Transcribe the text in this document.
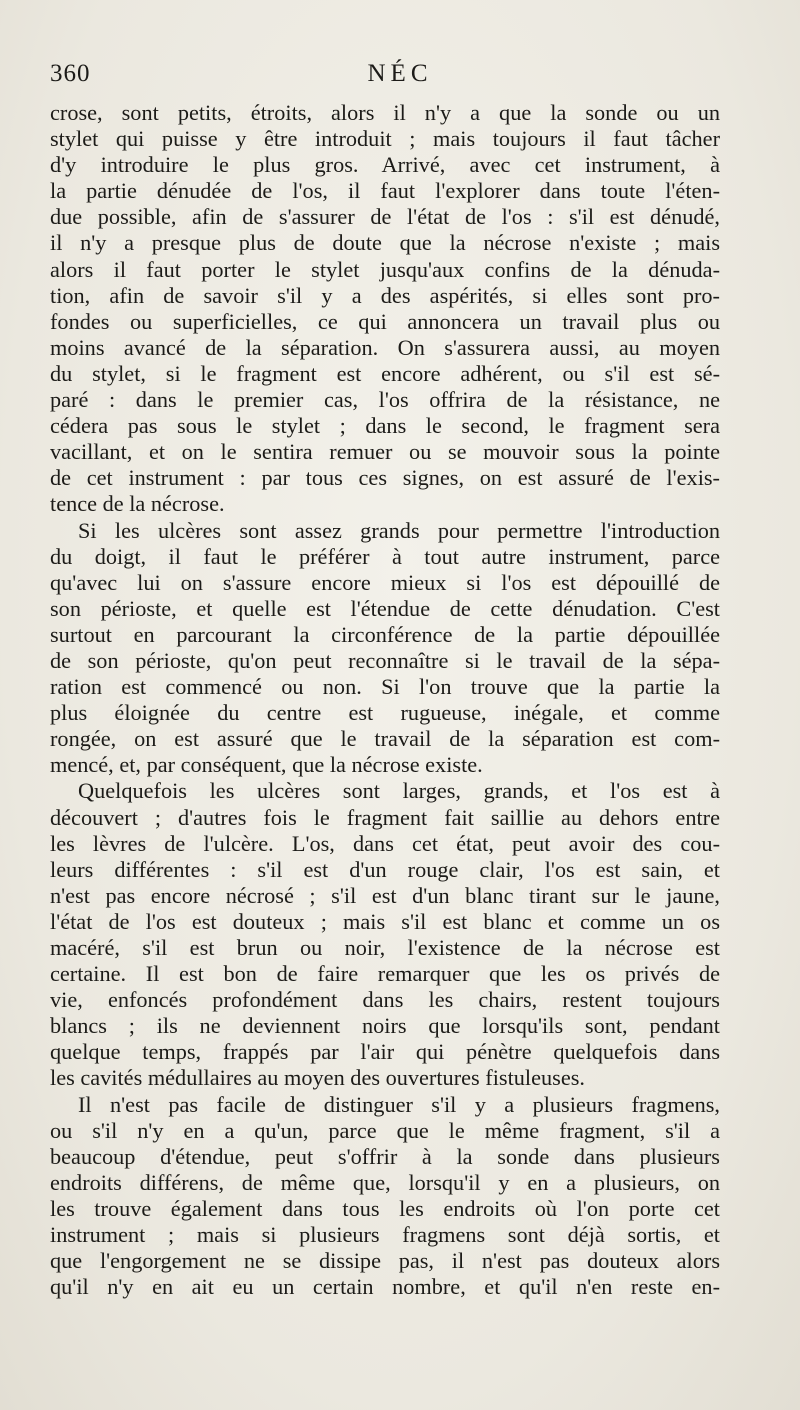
360	NÉC
crose, sont petits, étroits, alors il n'y a que la sonde ou un
stylet qui puisse y être introduit ; mais toujours il faut tâcher
d'y introduire le plus gros. Arrivé, avec cet instrument, à
la partie dénudée de l'os, il faut l'explorer dans toute l'éten-
due possible, afin de s'assurer de l'état de l'os : s'il est dénudé,
il n'y a presque plus de doute que la nécrose n'existe ; mais
alors il faut porter le stylet jusqu'aux confins de la dénuda-
tion, afin de savoir s'il y a des aspérités, si elles sont pro-
fondes ou superficielles, ce qui annoncera un travail plus ou
moins avancé de la séparation. On s'assurera aussi, au moyen
du stylet, si le fragment est encore adhérent, ou s'il est sé-
paré : dans le premier cas, l'os offrira de la résistance, ne
cédera pas sous le stylet ; dans le second, le fragment sera
vacillant, et on le sentira remuer ou se mouvoir sous la pointe
de cet instrument : par tous ces signes, on est assuré de l'exis-
tence de la nécrose.
Si les ulcères sont assez grands pour permettre l'introduction
du doigt, il faut le préférer à tout autre instrument, parce
qu'avec lui on s'assure encore mieux si l'os est dépouillé de
son périoste, et quelle est l'étendue de cette dénudation. C'est
surtout en parcourant la circonférence de la partie dépouillée
de son périoste, qu'on peut reconnaître si le travail de la sépa-
ration est commencé ou non. Si l'on trouve que la partie la
plus éloignée du centre est rugueuse, inégale, et comme
rongée, on est assuré que le travail de la séparation est com-
mencé, et, par conséquent, que la nécrose existe.
Quelquefois les ulcères sont larges, grands, et l'os est à
découvert ; d'autres fois le fragment fait saillie au dehors entre
les lèvres de l'ulcère. L'os, dans cet état, peut avoir des cou-
leurs différentes : s'il est d'un rouge clair, l'os est sain, et
n'est pas encore nécrosé ; s'il est d'un blanc tirant sur le jaune,
l'état de l'os est douteux ; mais s'il est blanc et comme un os
macéré, s'il est brun ou noir, l'existence de la nécrose est
certaine. Il est bon de faire remarquer que les os privés de
vie, enfoncés profondément dans les chairs, restent toujours
blancs ; ils ne deviennent noirs que lorsqu'ils sont, pendant
quelque temps, frappés par l'air qui pénètre quelquefois dans
les cavités médullaires au moyen des ouvertures fistuleuses.
Il n'est pas facile de distinguer s'il y a plusieurs fragmens,
ou s'il n'y en a qu'un, parce que le même fragment, s'il a
beaucoup d'étendue, peut s'offrir à la sonde dans plusieurs
endroits différens, de même que, lorsqu'il y en a plusieurs, on
les trouve également dans tous les endroits où l'on porte cet
instrument ; mais si plusieurs fragmens sont déjà sortis, et
que l'engorgement ne se dissipe pas, il n'est pas douteux alors
qu'il n'y en ait eu un certain nombre, et qu'il n'en reste en-
